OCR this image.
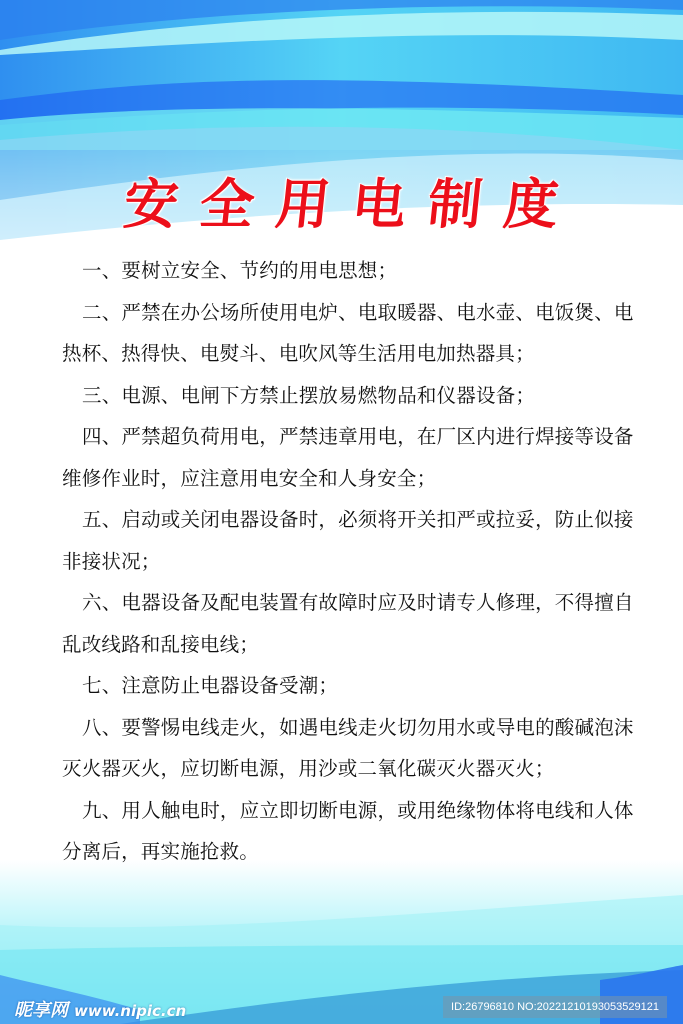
安全用电制度

一、要树立安全、节约的用电思想；

二、严禁在办公场所使用电炉、电取暖器、电水壶、电饭煲、电热杯、热得快、电熨斗、电吹风等生活用电加热器具；

三、电源、电闸下方禁止摆放易燃物品和仪器设备；

四、严禁超负荷用电，严禁违章用电，在厂区内进行焊接等设备维修作业时，应注意用电安全和人身安全；

五、启动或关闭电器设备时，必须将开关扣严或拉妥，防止似接非接状况；

六、电器设备及配电装置有故障时应及时请专人修理，不得擅自乱改线路和乱接电线；

七、注意防止电器设备受潮；

八、要警惕电线走火，如遇电线走火切勿用水或导电的酸碱泡沫灭火器灭火，应切断电源，用沙或二氧化碳灭火器灭火；

九、用人触电时，应立即切断电源，或用绝缘物体将电线和人体分离后，再实施抢救。

昵享网 www.nipic.cn	ID:26796810 NO:20221210193053529121
